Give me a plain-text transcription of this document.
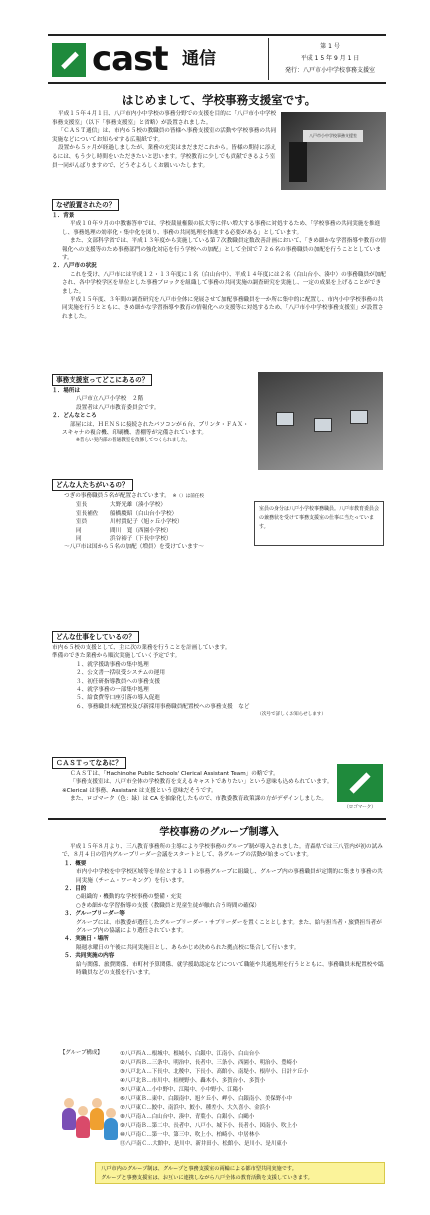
cast 通信
第 1 号
平成 1 5 年 9 月 1 日
発行：八戸市小中学校事務支援室
はじめまして、学校事務支援室です。

平成１５年４月１日、八戸市内小中学校の事務分野での支援を目的に「八戸市小中学校事務支援室」（以下「事務支援室」と省略）が設置されました。

「ＣＡＳＴ通信」は、市内６５校の教職員の皆様へ事務支援室の活動や学校事務の共同実施などについてお知らせする広報紙です。

設置から５ヶ月が経過しましたが、業務の充実はまだまだこれから。皆様の期待に添えるには、もう少し時間をいただきたいと思います。学校教育に少しでも貢献できるよう室員一同がんばりますので、どうぞよろしくお願いいたします。

八戸市小中学校事務支援室
なぜ設置されたの？
１．背景
平成１０年９月の中教審答申では、学校裁量権限の拡大等に伴い増大する事務に対処するため、「学校事務の共同実施を推進し、事務処理の効率化・集中化を図り、事務の共同処理を推進する必要がある」としています。
また、文部科学省では、平成１３年度から実施している第７次教職員定数改善計画において、「きめ細かな学習指導や教育の情報化への支援等のため事務部門の強化対応を行う学校への加配」として全国で７２６名の事務職員の加配を行うこととしています。
２．八戸市の状況
これを受け、八戸市には平成１２・１３年度に１名（白山台中）、平成１４年度には２名（白山台小、湊中）の事務職員が加配され、各中学校学区を単位とした事務ブロックを組織して事務の共同実施の調査研究を実施し、一定の成果を上げることができました。
平成１５年度、３年間の調査研究を八戸市全体に発展させて加配事務職員を一か所に集中的に配置し、市内小中学校事務の共同実施を行うとともに、きめ細かな学習指導や教育の情報化への支援等に対処するため、「八戸市小中学校事務支援室」が設置されました。
事務支援室ってどこにあるの？
１．場所は
八戸市立八戸小学校　２階
設置者は八戸市教育委員会です。
２．どんなところ
部屋には、ＨＥＮＳに接続されたパソコンが６台、プリンタ・ＦＡＸ・スキャナの複合機、印刷機、書棚等が完備されています。
※昔らい実内部の普通教室を改修してつくられました。
どんな人たちがいるの？
つぎの事務職員５名が配置されています。　 ※（）は前任校
室長	大野光雄（湊小学校）
室長補佐 船橋慶昭（白山台小学校）
室員	川村貴紀子（旭ヶ丘小学校）
同	間川　寛（西園小学校）
同	浜谷裕子（下長中学校）
〜八戸市は国から５名の加配（増員）を受けています〜
室員の身分は八戸小学校事務職員。八戸市教育委員会の兼務状を受けて事務支援室の仕事に当たっています。
どんな仕事をしているの？
市内６５校の支援として、主に次の業務を行うことを計画しています。
準備のできた業務から順次実施していく予定です。
１、就学援助事務の集中処理
２、公文書一括収受システムの運用
３、初任研指導教員への事務支援
４、就学事務の一部集中処理
５、給食費等口座引落の導入促進
６、事務職員未配置校及び新採用事務職員配置校への事務支援　など
（次号で詳しくお知らせします）
ＣＡＳＴってなあに？
ＣＡＳＴは、「Hachinohe Public Schools' Clerical Assistant Team」の略です。
「事務支援室は、八戸市全体の学校教育を支えるキャストでありたい」という意味も込められています。　※Clerical は事務、Assistant は支援という意味だそうです。
また、ロゴマーク（色：緑）は CA を抽象化したもので、市教委教育政策課の方がデザインしました。
（ロゴマーク）
学校事務のグループ制導入
平成１５年８月より、三八教育事務所の主導により学校事務のグループ制が導入されました。青森県では三八管内が初の試みで、８月４日の管内グループリーダー会議をスタートとして、各グループの活動が始まっています。
１．概要
市内小中学校を中学校区域等を単位とする１１の事務グループに組織し、グループ内の事務職員が定期的に集まり事務の共同実施（チーム・ワーキング）を行います。
２．目的
○組織的・機動的な学校事務の整備・充実
○きめ細かな学習指導の支援（教職員と児童生徒が触れ合う時間の確保）
３．グループリーダー等
グループには、市教委が選任したグループリーダー・サブリーダーを置くこととします。また、給与担当者・旅費担当者がグループ内の協議により選任されています。
４．実施日・場所
隔週水曜日の午後に共同実施日とし、あらかじめ決められた拠点校に集合して行います。
５．共同実施の内容
給与関係、旅費関係、市町村予算関係、就学援助認定などについて職能や共通処理を行うとともに、事務職員未配置校や臨時職員などの支援を行います。
【グループ構成】	①八戸西Ａ…根城中、根城小、白銀中、江南小、白山台小
②八戸西Ｂ…三条中、明治中、長者中、三条小、西園小、明治小、豊崎小
③八戸北Ａ…下長中、北稜中、下長小、高館小、南堤小、根岸小、日計ケ丘小
④八戸北Ｂ…市川中、桔梗野小、轟木小、多賀台小、多賀小
⑤八戸東Ａ…小中野中、江陽中、小中野小、江陽小
⑥八戸東Ｂ…東中、白銀南中、旭ケ丘小、岬小、白銀南小、美保野小中
⑦八戸東Ｃ…鮫中、南浜中、鮫小、種差小、大久喜小、金浜小
⑧八戸南Ａ…白山台中、湊中、青葉小、白銀小、白鷗小
⑨八戸南Ｂ…第二中、長者中、八戸小、城下小、長者小、図南小、吹上小
⑩八戸南Ｃ…第一中、第三中、吹上小、柏崎小、中居林小
⑪八戸南Ｃ…大館中、是川中、新井田小、松館小、是川小、是川東小
八戸市内のグループ制は、グループと事務支援室の両輪による都市型共同実施です。
グループと事務支援室は、お互いに連携しながら八戸全体の教育活動を支援していきます。
